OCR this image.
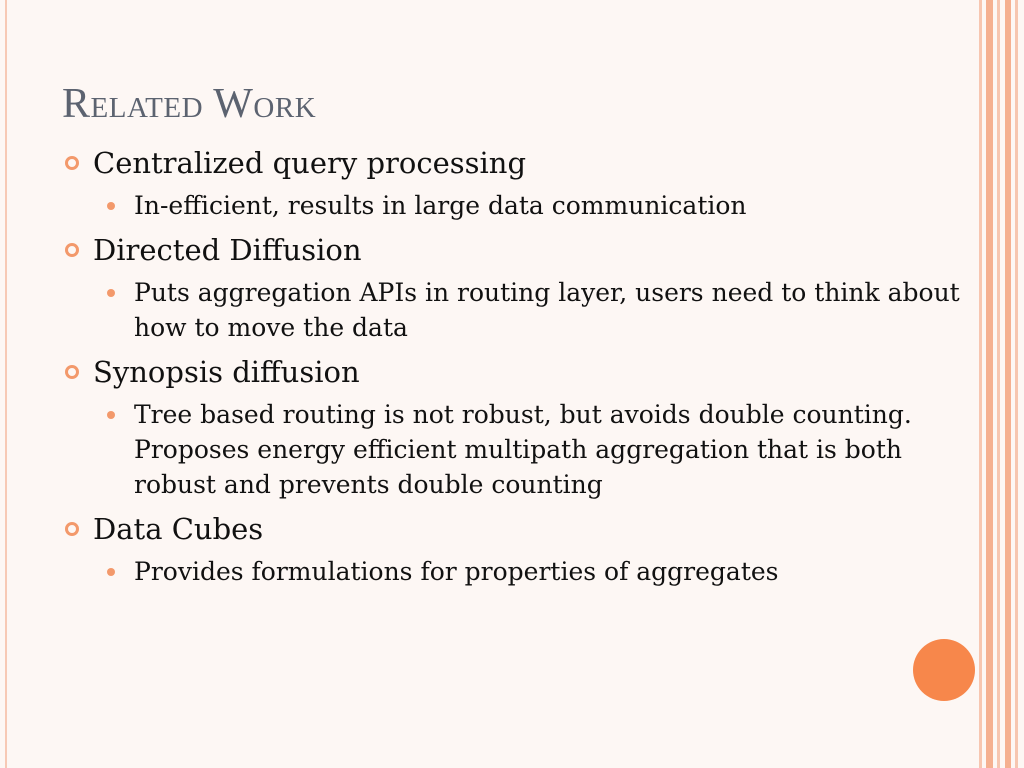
Related Work
Centralized query processing
In-efficient, results in large data communication
Directed Diffusion
Puts aggregation APIs in routing layer, users need to think about how to move the data
Synopsis diffusion
Tree based routing is not robust, but avoids double counting. Proposes energy efficient multipath aggregation that is both robust and prevents double counting
Data Cubes
Provides formulations for properties of aggregates
